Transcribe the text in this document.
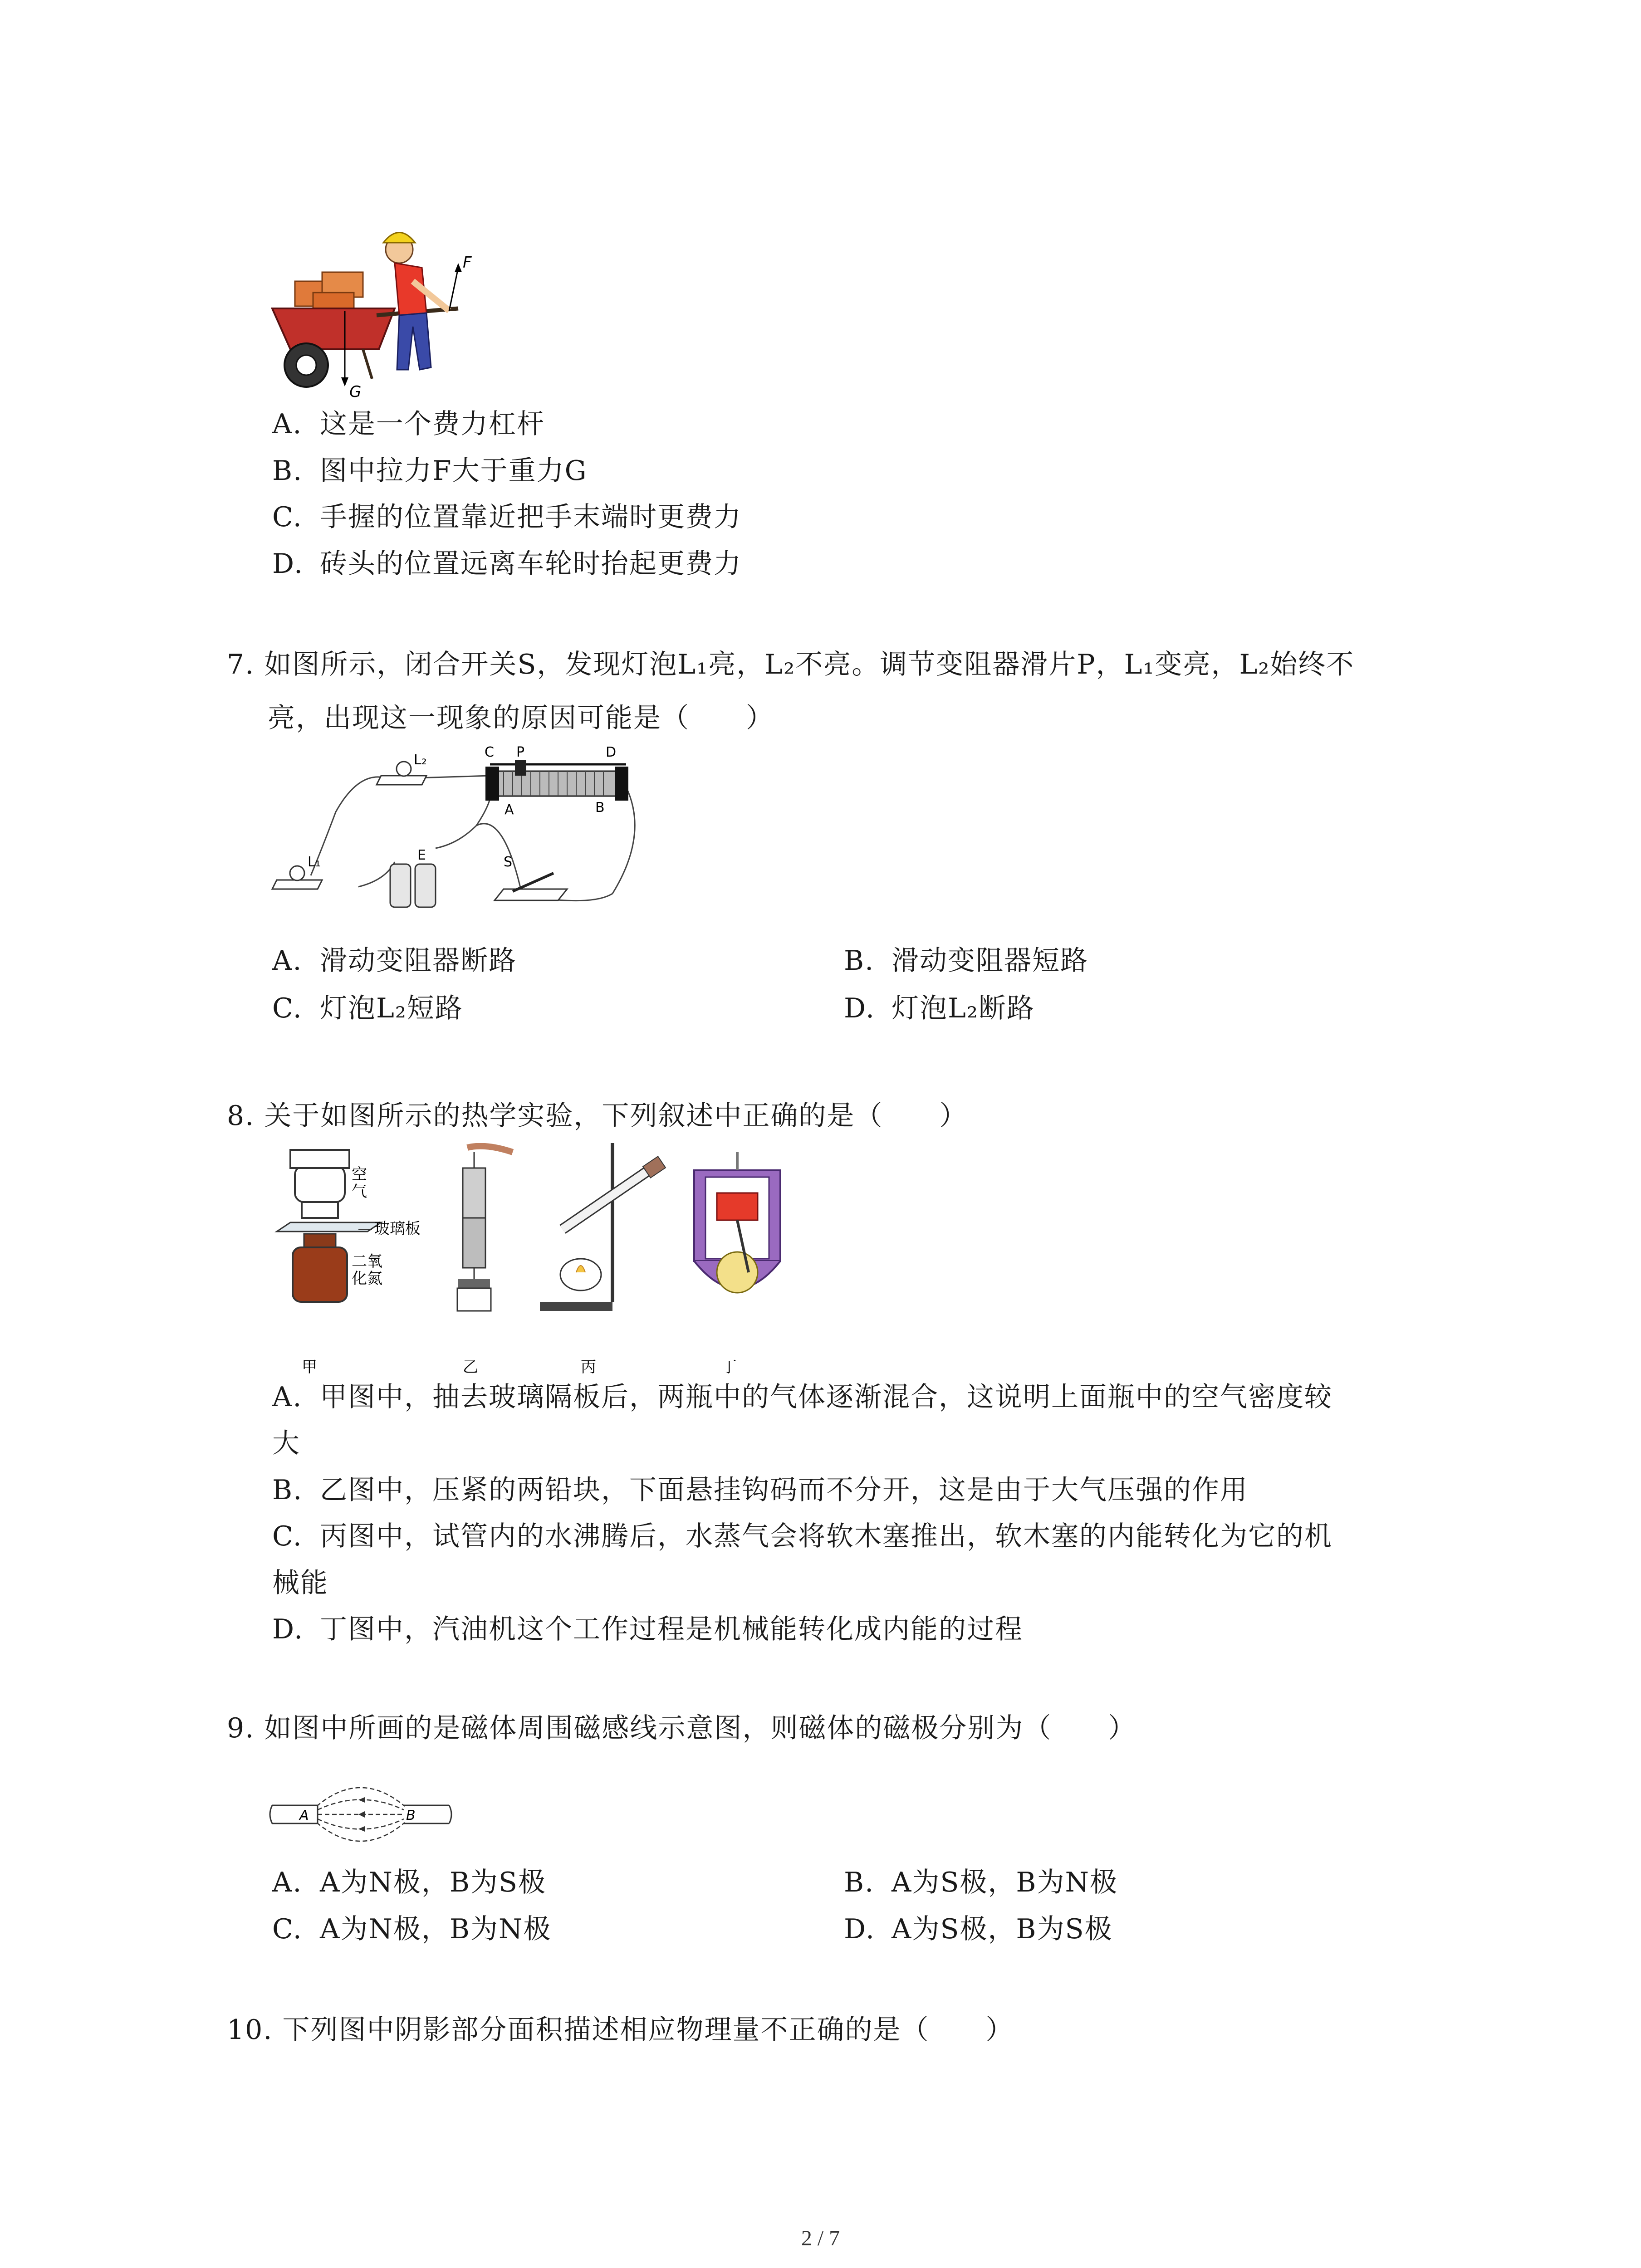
F
G
A. 这是一个费力杠杆
B. 图中拉力F大于重力G
C. 手握的位置靠近把手末端时更费力
D. 砖头的位置远离车轮时抬起更费力
7. 如图所示，闭合开关S，发现灯泡L₁亮，L₂不亮。调节变阻器滑片P，L₁变亮，L₂始终不
亮，出现这一现象的原因可能是（　　）
L₂	C P	D
A	B
L₁	E	S
A. 滑动变阻器断路	B. 滑动变阻器短路
C. 灯泡L₂短路	D. 灯泡L₂断路
8. 关于如图所示的热学实验，下列叙述中正确的是（　　）
空
气
玻璃板
二氧
化氮
甲	乙	丙	丁
A. 甲图中，抽去玻璃隔板后，两瓶中的气体逐渐混合，这说明上面瓶中的空气密度较
大
B. 乙图中，压紧的两铅块，下面悬挂钩码而不分开，这是由于大气压强的作用
C. 丙图中，试管内的水沸腾后，水蒸气会将软木塞推出，软木塞的内能转化为它的机
械能
D. 丁图中，汽油机这个工作过程是机械能转化成内能的过程
9. 如图中所画的是磁体周围磁感线示意图，则磁体的磁极分别为（　　）
A	B
A. A为N极，B为S极	B. A为S极，B为N极
C. A为N极，B为N极	D. A为S极，B为S极
10. 下列图中阴影部分面积描述相应物理量不正确的是（　　）
2 / 7
